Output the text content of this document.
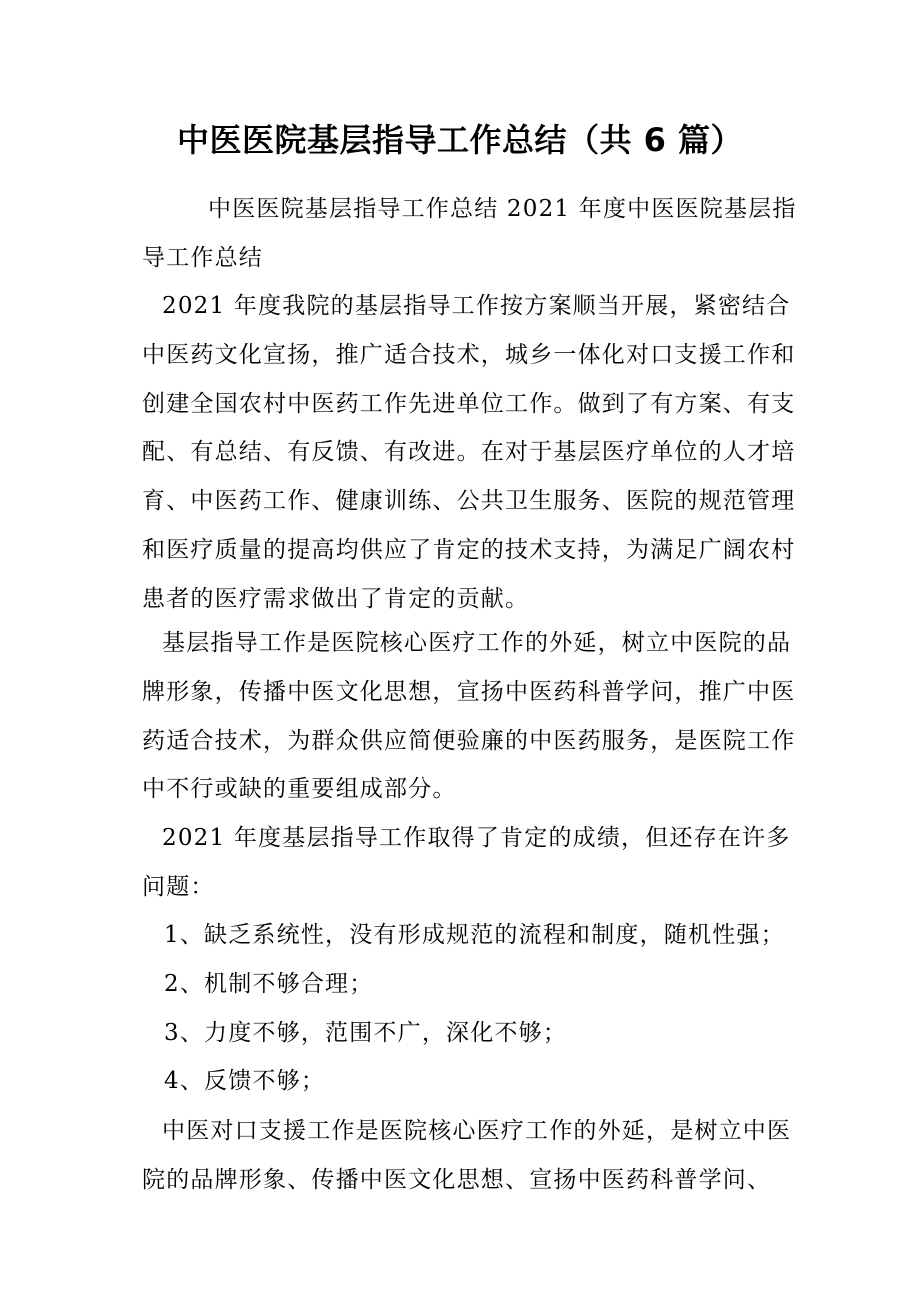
中医医院基层指导工作总结（共 6 篇）

中医医院基层指导工作总结 2021 年度中医医院基层指导工作总结

2021 年度我院的基层指导工作按方案顺当开展，紧密结合中医药文化宣扬，推广适合技术，城乡一体化对口支援工作和创建全国农村中医药工作先进单位工作。做到了有方案、有支配、有总结、有反馈、有改进。在对于基层医疗单位的人才培育、中医药工作、健康训练、公共卫生服务、医院的规范管理和医疗质量的提高均供应了肯定的技术支持，为满足广阔农村患者的医疗需求做出了肯定的贡献。

基层指导工作是医院核心医疗工作的外延，树立中医院的品牌形象，传播中医文化思想，宣扬中医药科普学问，推广中医药适合技术，为群众供应简便验廉的中医药服务，是医院工作中不行或缺的重要组成部分。

2021 年度基层指导工作取得了肯定的成绩，但还存在许多问题：

1、缺乏系统性，没有形成规范的流程和制度，随机性强；

2、机制不够合理；

3、力度不够，范围不广，深化不够；

4、反馈不够；

中医对口支援工作是医院核心医疗工作的外延，是树立中医院的品牌形象、传播中医文化思想、宣扬中医药科普学问、
